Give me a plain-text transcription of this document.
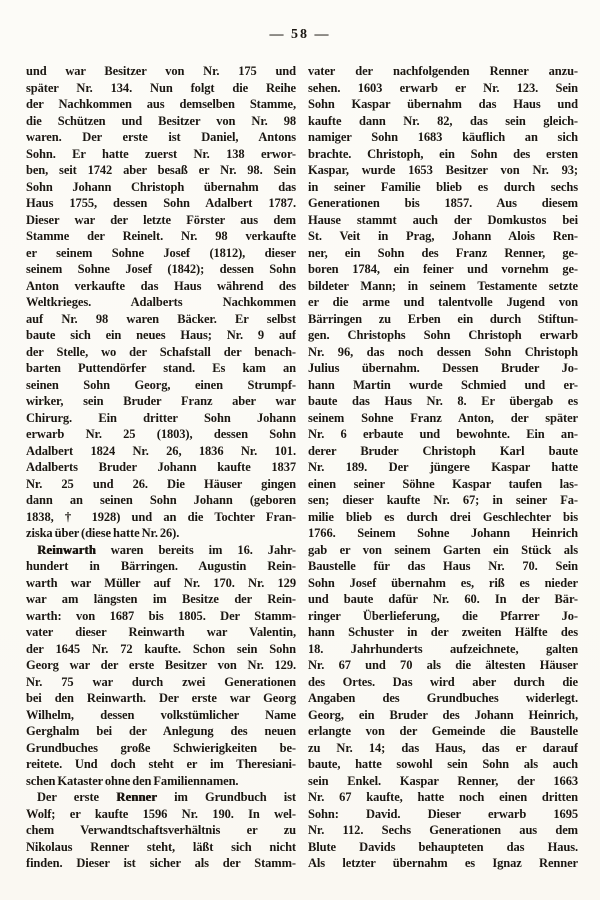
— 58 —
und war Besitzer von Nr. 175 und
später Nr. 134. Nun folgt die Reihe
der Nachkommen aus demselben Stamme,
die Schützen und Besitzer von Nr. 98
waren. Der erste ist Daniel, Antons
Sohn. Er hatte zuerst Nr. 138 erwor-
ben, seit 1742 aber besaß er Nr. 98. Sein
Sohn Johann Christoph übernahm das
Haus 1755, dessen Sohn Adalbert 1787.
Dieser war der letzte Förster aus dem
Stamme der Reinelt. Nr. 98 verkaufte
er seinem Sohne Josef (1812), dieser
seinem Sohne Josef (1842); dessen Sohn
Anton verkaufte das Haus während des
Weltkrieges. Adalberts Nachkommen
auf Nr. 98 waren Bäcker. Er selbst
baute sich ein neues Haus; Nr. 9 auf
der Stelle, wo der Schafstall der benach-
barten Puttendörfer stand. Es kam an
seinen Sohn Georg, einen Strumpf-
wirker, sein Bruder Franz aber war
Chirurg. Ein dritter Sohn Johann
erwarb Nr. 25 (1803), dessen Sohn
Adalbert 1824 Nr. 26, 1836 Nr. 101.
Adalberts Bruder Johann kaufte 1837
Nr. 25 und 26. Die Häuser gingen
dann an seinen Sohn Johann (geboren
1838, † 1928) und an die Tochter Fran-
ziska über (diese hatte Nr. 26).
Reinwarth waren bereits im 16. Jahr-
hundert in Bärringen. Augustin Rein-
warth war Müller auf Nr. 170. Nr. 129
war am längsten im Besitze der Rein-
warth: von 1687 bis 1805. Der Stamm-
vater dieser Reinwarth war Valentin,
der 1645 Nr. 72 kaufte. Schon sein Sohn
Georg war der erste Besitzer von Nr. 129.
Nr. 75 war durch zwei Generationen
bei den Reinwarth. Der erste war Georg
Wilhelm, dessen volkstümlicher Name
Gerghalm bei der Anlegung des neuen
Grundbuches große Schwierigkeiten be-
reitete. Und doch steht er im Theresiani-
schen Kataster ohne den Familiennamen.
Der erste Renner im Grundbuch ist
Wolf; er kaufte 1596 Nr. 190. In wel-
chem Verwandtschaftsverhältnis er zu
Nikolaus Renner steht, läßt sich nicht
finden. Dieser ist sicher als der Stamm-
vater der nachfolgenden Renner anzu-
sehen. 1603 erwarb er Nr. 123. Sein
Sohn Kaspar übernahm das Haus und
kaufte dann Nr. 82, das sein gleich-
namiger Sohn 1683 käuflich an sich
brachte. Christoph, ein Sohn des ersten
Kaspar, wurde 1653 Besitzer von Nr. 93;
in seiner Familie blieb es durch sechs
Generationen bis 1857. Aus diesem
Hause stammt auch der Domkustos bei
St. Veit in Prag, Johann Alois Ren-
ner, ein Sohn des Franz Renner, ge-
boren 1784, ein feiner und vornehm ge-
bildeter Mann; in seinem Testamente setzte
er die arme und talentvolle Jugend von
Bärringen zu Erben ein durch Stiftun-
gen. Christophs Sohn Christoph erwarb
Nr. 96, das noch dessen Sohn Christoph
Julius übernahm. Dessen Bruder Jo-
hann Martin wurde Schmied und er-
baute das Haus Nr. 8. Er übergab es
seinem Sohne Franz Anton, der später
Nr. 6 erbaute und bewohnte. Ein an-
derer Bruder Christoph Karl baute
Nr. 189. Der jüngere Kaspar hatte
einen seiner Söhne Kaspar taufen las-
sen; dieser kaufte Nr. 67; in seiner Fa-
milie blieb es durch drei Geschlechter bis
1766. Seinem Sohne Johann Heinrich
gab er von seinem Garten ein Stück als
Baustelle für das Haus Nr. 70. Sein
Sohn Josef übernahm es, riß es nieder
und baute dafür Nr. 60. In der Bär-
ringer Überlieferung, die Pfarrer Jo-
hann Schuster in der zweiten Hälfte des
18. Jahrhunderts aufzeichnete, galten
Nr. 67 und 70 als die ältesten Häuser
des Ortes. Das wird aber durch die
Angaben des Grundbuches widerlegt.
Georg, ein Bruder des Johann Heinrich,
erlangte von der Gemeinde die Baustelle
zu Nr. 14; das Haus, das er darauf
baute, hatte sowohl sein Sohn als auch
sein Enkel. Kaspar Renner, der 1663
Nr. 67 kaufte, hatte noch einen dritten
Sohn: David. Dieser erwarb 1695
Nr. 112. Sechs Generationen aus dem
Blute Davids behaupteten das Haus.
Als letzter übernahm es Ignaz Renner
